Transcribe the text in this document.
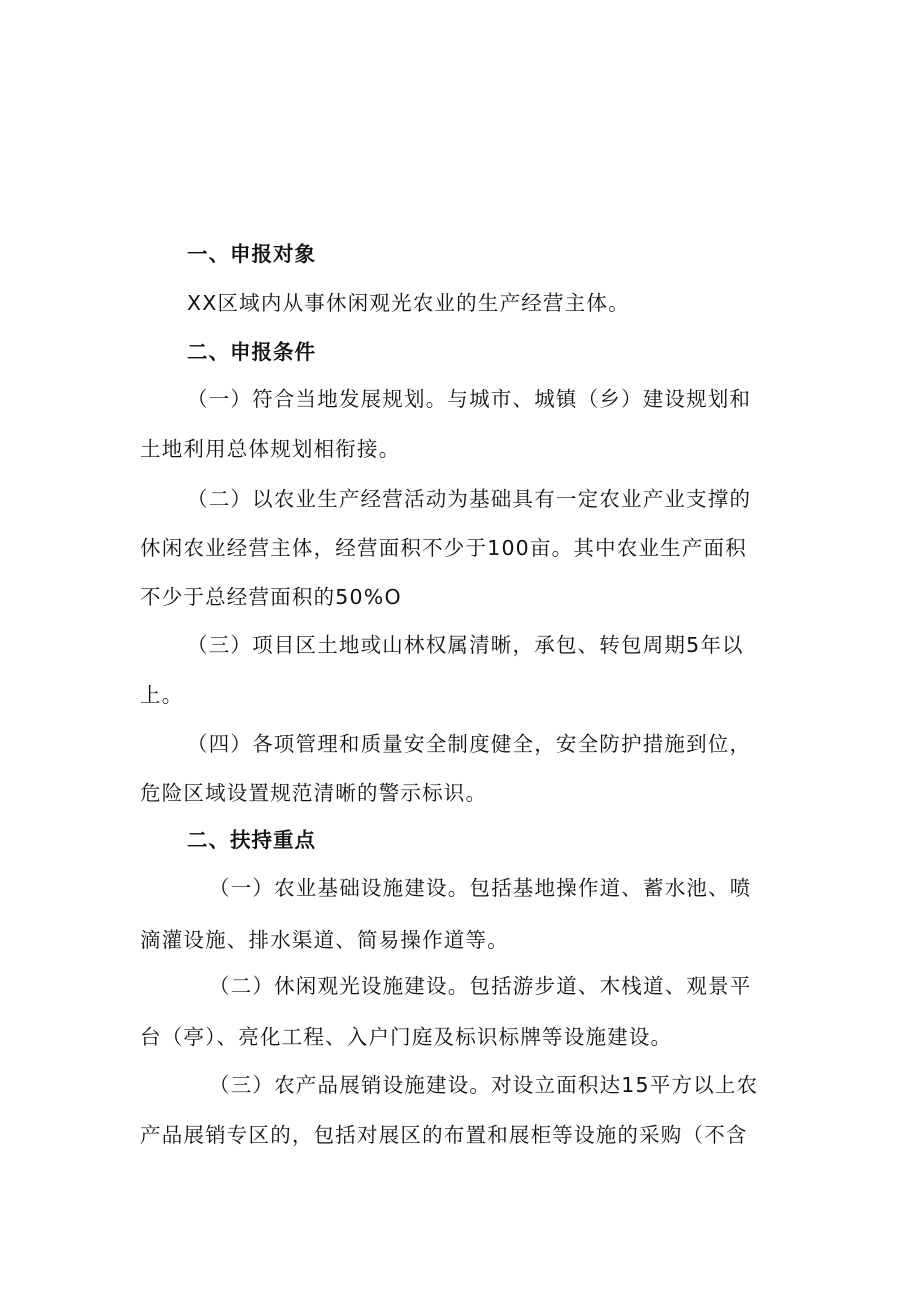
一、申报对象
XX区域内从事休闲观光农业的生产经营主体。
二、申报条件
（一）符合当地发展规划。与城市、城镇（乡）建设规划和
土地利用总体规划相衔接。
（二）以农业生产经营活动为基础具有一定农业产业支撑的
休闲农业经营主体，经营面积不少于100亩。其中农业生产面积
不少于总经营面积的50%O
（三）项目区土地或山林权属清晰，承包、转包周期5年以
上。
（四）各项管理和质量安全制度健全，安全防护措施到位，
危险区域设置规范清晰的警示标识。
二、扶持重点
（一）农业基础设施建设。包括基地操作道、蓄水池、喷
滴灌设施、排水渠道、简易操作道等。
（二）休闲观光设施建设。包括游步道、木栈道、观景平
台（亭）、亮化工程、入户门庭及标识标牌等设施建设。
（三）农产品展销设施建设。对设立面积达15平方以上农
产品展销专区的，包括对展区的布置和展柜等设施的采购（不含
